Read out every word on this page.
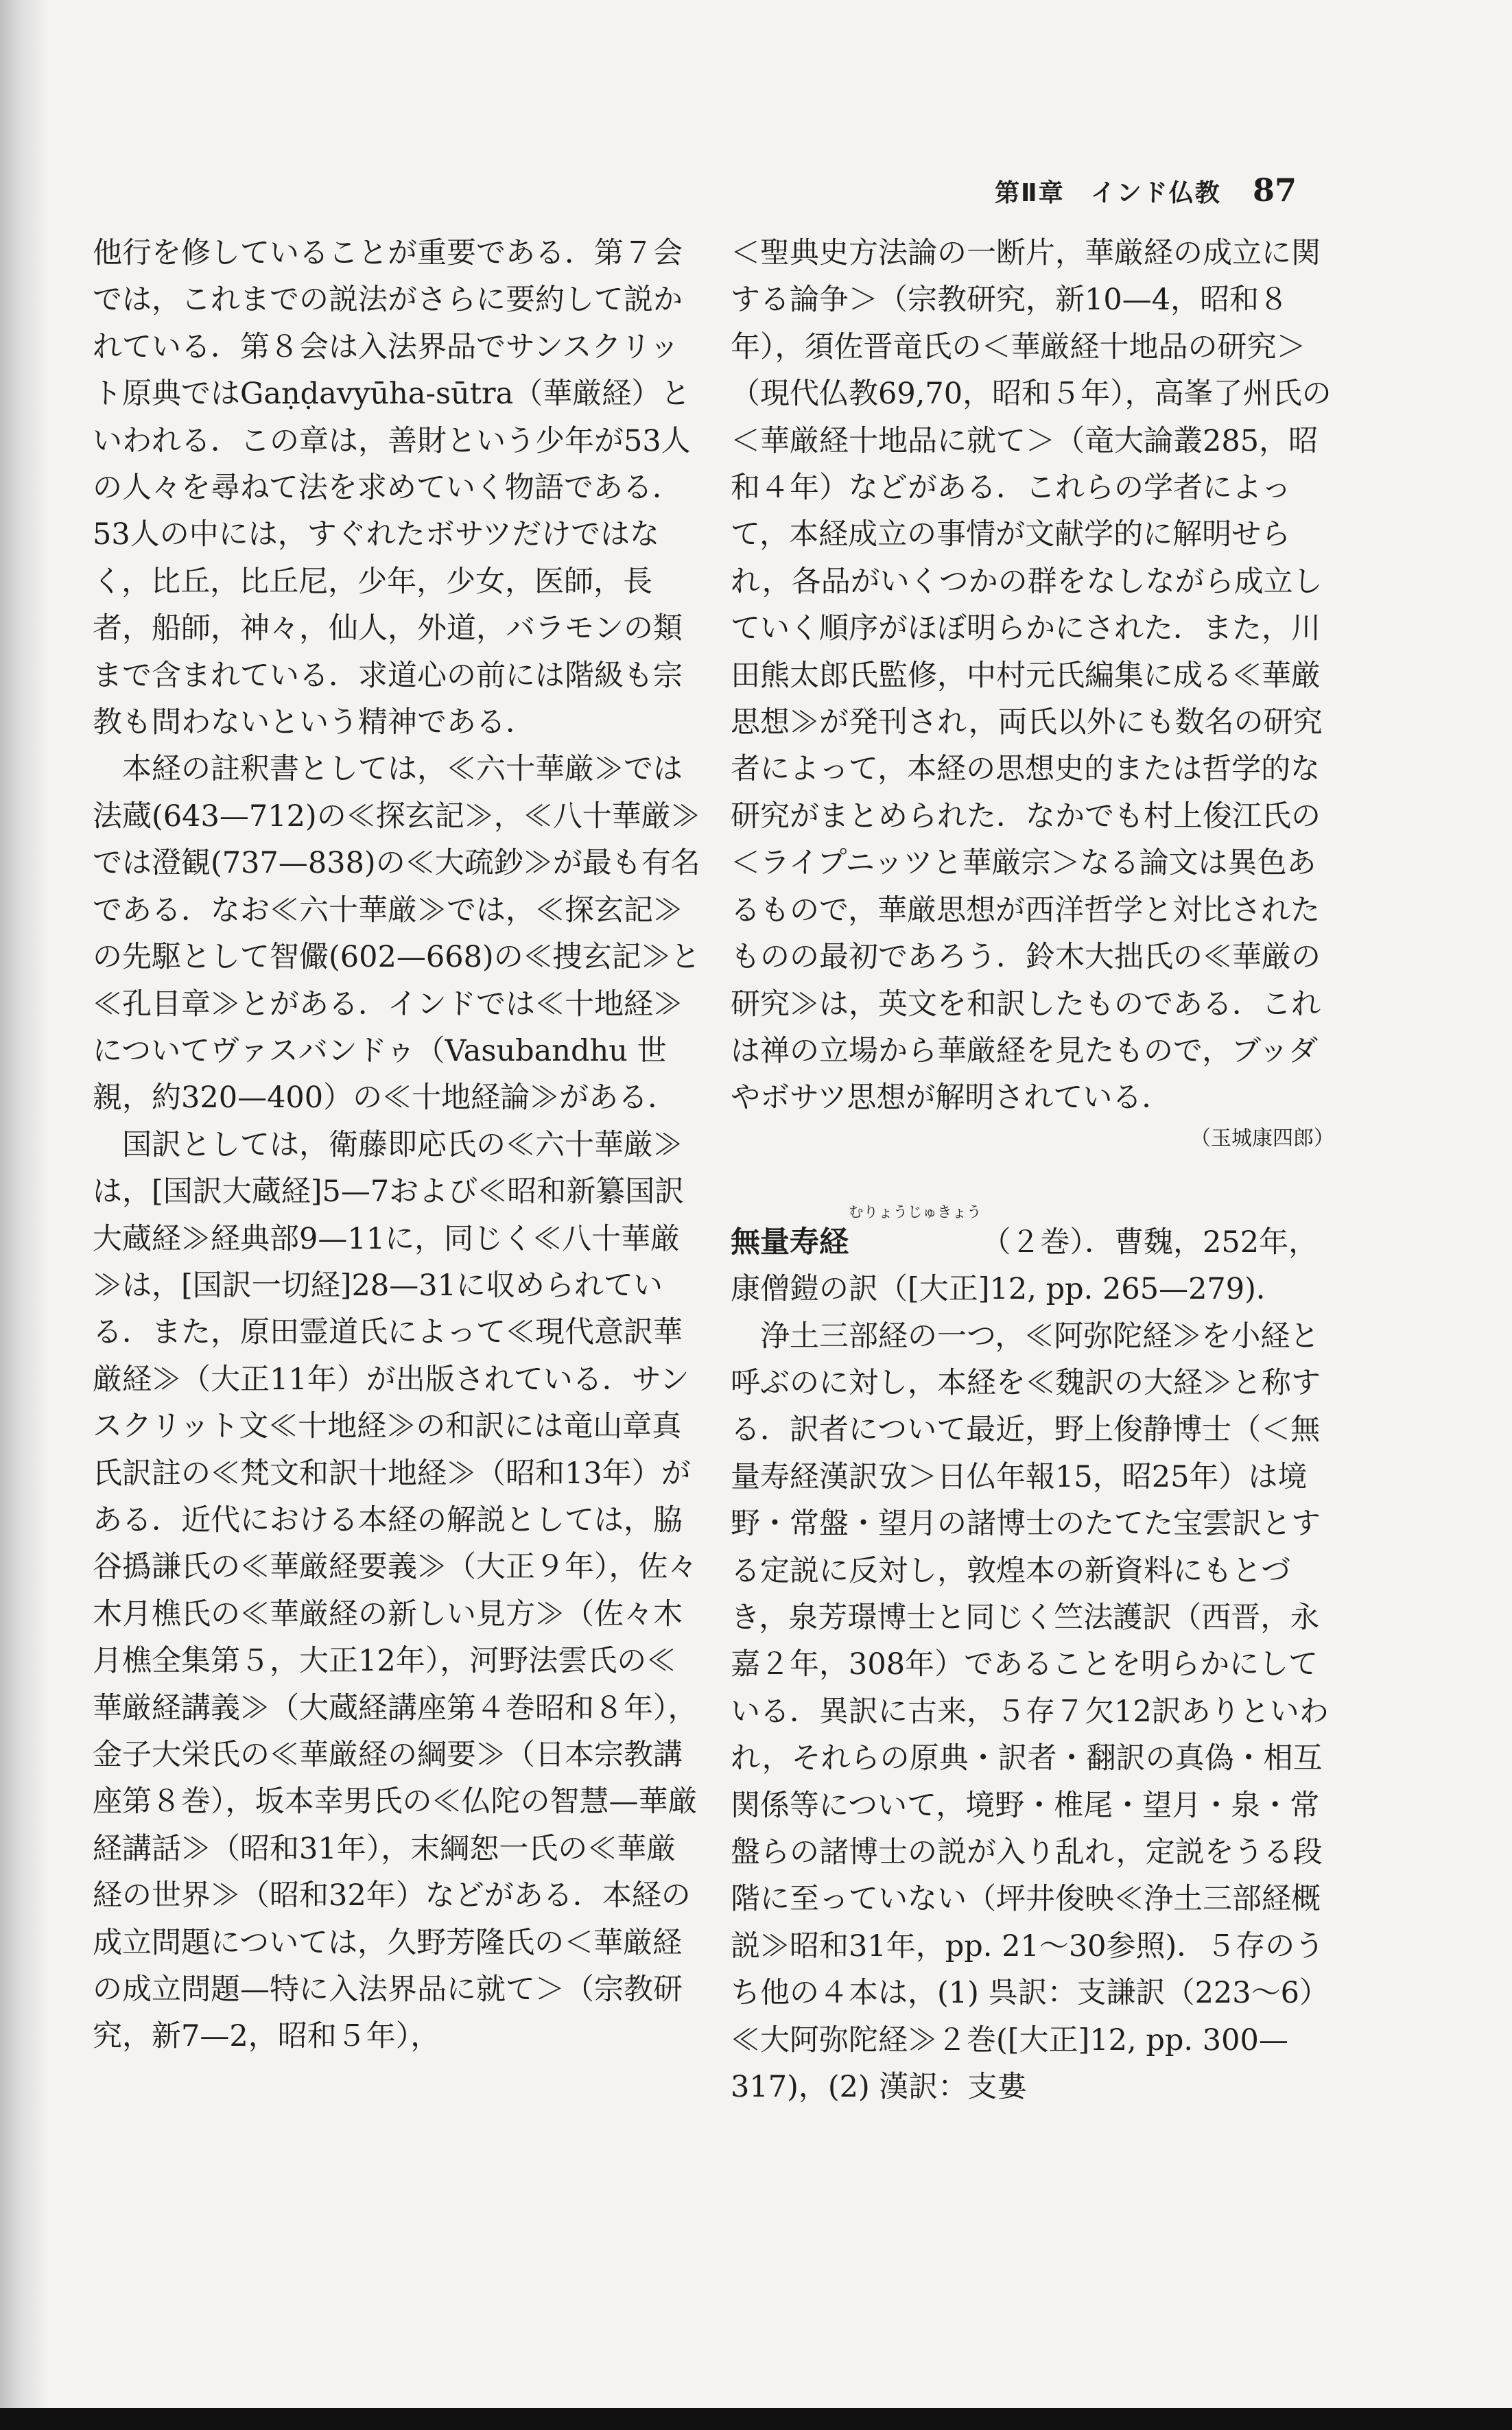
第Ⅱ章　インド仏教 87

他行を修していることが重要である．第７会では，これまでの説法がさらに要約して説かれている．第８会は入法界品でサンスクリット原典ではGaṇḍavyūha-sūtra（華厳経）といわれる．この章は，善財という少年が53人の人々を尋ねて法を求めていく物語である．53人の中には，すぐれたボサツだけではなく，比丘，比丘尼，少年，少女，医師，長者，船師，神々，仙人，外道，バラモンの類まで含まれている．求道心の前には階級も宗教も問わないという精神である．

本経の註釈書としては，≪六十華厳≫では法蔵(643—712)の≪探玄記≫，≪八十華厳≫では澄観(737—838)の≪大疏鈔≫が最も有名である．なお≪六十華厳≫では，≪探玄記≫の先駆として智儼(602—668)の≪捜玄記≫と≪孔目章≫とがある．インドでは≪十地経≫についてヴァスバンドゥ（Vasubandhu 世親，約320—400）の≪十地経論≫がある．

国訳としては，衛藤即応氏の≪六十華厳≫は，[国訳大蔵経]5—7および≪昭和新纂国訳大蔵経≫経典部9—11に，同じく≪八十華厳≫は，[国訳一切経]28—31に収められている．また，原田霊道氏によって≪現代意訳華厳経≫（大正11年）が出版されている．サンスクリット文≪十地経≫の和訳には竜山章真氏訳註の≪梵文和訳十地経≫（昭和13年）がある．近代における本経の解説としては，脇谷撝謙氏の≪華厳経要義≫（大正９年），佐々木月樵氏の≪華厳経の新しい見方≫（佐々木月樵全集第５，大正12年），河野法雲氏の≪華厳経講義≫（大蔵経講座第４巻昭和８年），金子大栄氏の≪華厳経の綱要≫（日本宗教講座第８巻），坂本幸男氏の≪仏陀の智慧—華厳経講話≫（昭和31年），末綱恕一氏の≪華厳経の世界≫（昭和32年）などがある．本経の成立問題については，久野芳隆氏の＜華厳経の成立問題—特に入法界品に就て＞（宗教研究，新7—2，昭和５年），

＜聖典史方法論の一断片，華厳経の成立に関する論争＞（宗教研究，新10—4，昭和８年），須佐晋竜氏の＜華厳経十地品の研究＞（現代仏教69,70，昭和５年），高峯了州氏の＜華厳経十地品に就て＞（竜大論叢285，昭和４年）などがある．これらの学者によって，本経成立の事情が文献学的に解明せられ，各品がいくつかの群をなしながら成立していく順序がほぼ明らかにされた．また，川田熊太郎氏監修，中村元氏編集に成る≪華厳思想≫が発刊され，両氏以外にも数名の研究者によって，本経の思想史的または哲学的な研究がまとめられた．なかでも村上俊江氏の＜ライプニッツと華厳宗＞なる論文は異色あるもので，華厳思想が西洋哲学と対比されたものの最初であろう．鈴木大拙氏の≪華厳の研究≫は，英文を和訳したものである．これは禅の立場から華厳経を見たもので，ブッダやボサツ思想が解明されている．

（玉城康四郎）

無量寿経むりょうじゅきょう（２巻）．曹魏，252年，康僧鎧の訳（[大正]12, pp. 265—279)．

浄土三部経の一つ，≪阿弥陀経≫を小経と呼ぶのに対し，本経を≪魏訳の大経≫と称する．訳者について最近，野上俊静博士（＜無量寿経漢訳攷＞日仏年報15，昭25年）は境野・常盤・望月の諸博士のたてた宝雲訳とする定説に反対し，敦煌本の新資料にもとづき，泉芳璟博士と同じく竺法護訳（西晋，永嘉２年，308年）であることを明らかにしている．異訳に古来，５存７欠12訳ありといわれ，それらの原典・訳者・翻訳の真偽・相互関係等について，境野・椎尾・望月・泉・常盤らの諸博士の説が入り乱れ，定説をうる段階に至っていない（坪井俊映≪浄土三部経概説≫昭和31年，pp. 21～30参照)．５存のうち他の４本は，(1) 呉訳：支謙訳（223～6）≪大阿弥陀経≫２巻([大正]12, pp. 300—317)，(2) 漢訳：支婁
